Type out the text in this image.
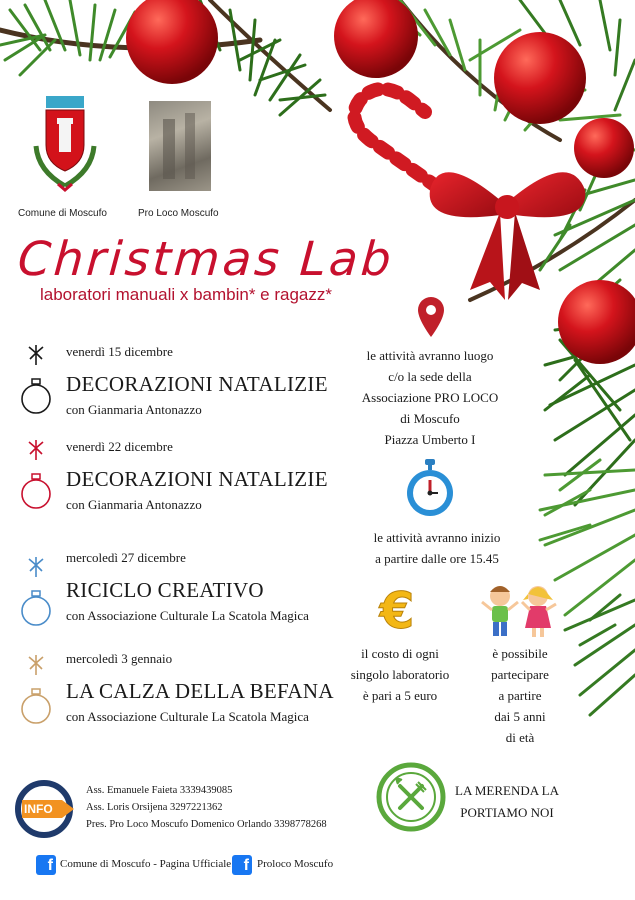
Comune di Moscufo	Pro Loco Moscufo
Christmas Lab
laboratori manuali x bambin* e ragazz*
venerdì 15 dicembre
DECORAZIONI NATALIZIE
con Gianmaria Antonazzo
venerdì 22 dicembre
DECORAZIONI NATALIZIE
con Gianmaria Antonazzo
mercoledì 27 dicembre
RICICLO CREATIVO
con Associazione Culturale La Scatola Magica
mercoledì 3 gennaio
LA CALZA DELLA BEFANA
con Associazione Culturale La Scatola Magica
le attività avranno luogo
c/o la sede della
Associazione PRO LOCO
di Moscufo
Piazza Umberto I
le attività avranno inizio
a partire dalle ore 15.45
€
il costo di ogni
singolo laboratorio
è pari a 5 euro
è possibile
partecipare
a partire
dai 5 anni
di età
INFO
Ass. Emanuele Faieta 3339439085
Ass. Loris Orsijena 3297221362
Pres. Pro Loco Moscufo Domenico Orlando 3398778268
LA MERENDA LA
PORTIAMO NOI
f Comune di Moscufo - Pagina Ufficiale f Proloco Moscufo
